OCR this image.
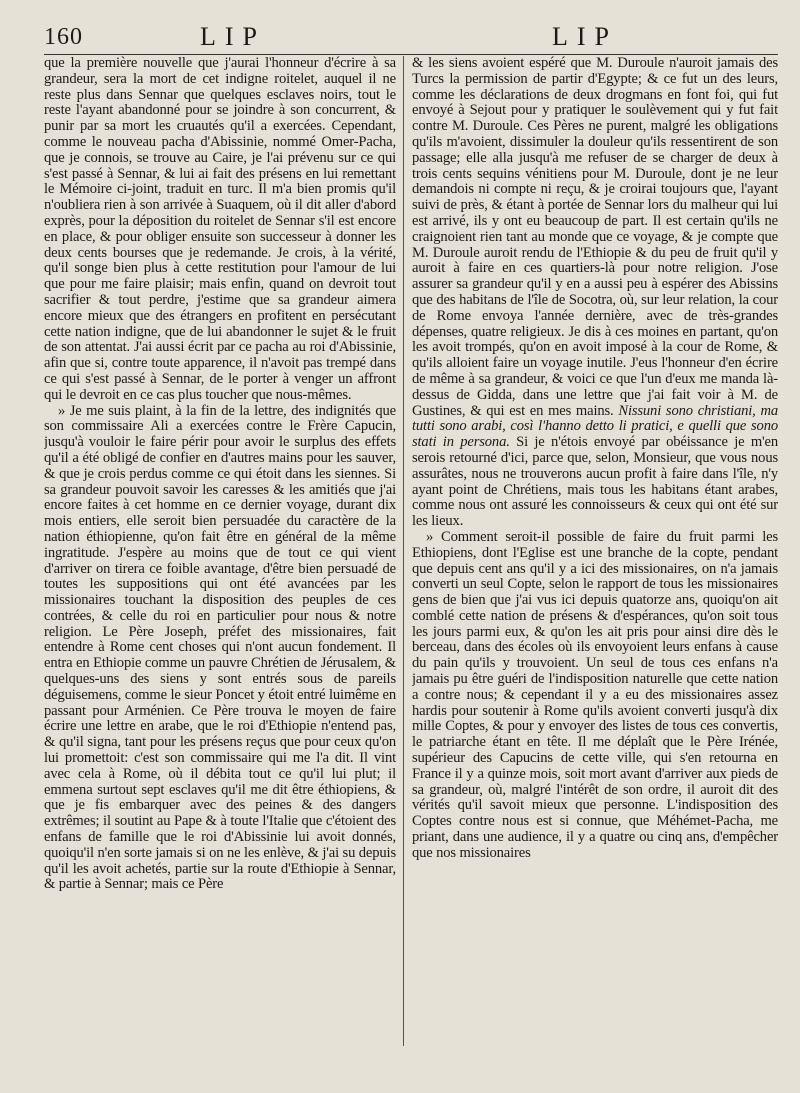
160	LIP	LIP

que la première nouvelle que j'aurai l'honneur d'écrire à sa grandeur, sera la mort de cet indigne roitelet, auquel il ne reste plus dans Sennar que quelques esclaves noirs, tout le reste l'ayant abandonné pour se joindre à son concurrent, & punir par sa mort les cruautés qu'il a exercées. Cependant, comme le nouveau pacha d'Abissinie, nommé Omer-Pacha, que je connois, se trouve au Caire, je l'ai prévenu sur ce qui s'est passé à Sennar, & lui ai fait des présens en lui remettant le Mémoire ci-joint, traduit en turc. Il m'a bien promis qu'il n'oubliera rien à son arrivée à Suaquem, où il dit aller d'abord exprès, pour la déposition du roitelet de Sennar s'il est encore en place, & pour obliger ensuite son successeur à donner les deux cents bourses que je redemande. Je crois, à la vérité, qu'il songe bien plus à cette restitution pour l'amour de lui que pour me faire plaisir; mais enfin, quand on devroit tout sacrifier & tout perdre, j'estime que sa grandeur aimera encore mieux que des étrangers en profitent en persécutant cette nation indigne, que de lui abandonner le sujet & le fruit de son attentat. J'ai aussi écrit par ce pacha au roi d'Abissinie, afin que si, contre toute apparence, il n'avoit pas trempé dans ce qui s'est passé à Sennar, de le porter à venger un affront qui le devroit en ce cas plus toucher que nous-mêmes.

» Je me suis plaint, à la fin de la lettre, des indignités que son commissaire Ali a exercées contre le Frère Capucin, jusqu'à vouloir le faire périr pour avoir le surplus des effets qu'il a été obligé de confier en d'autres mains pour les sauver, & que je crois perdus comme ce qui étoit dans les siennes. Si sa grandeur pouvoit savoir les caresses & les amitiés que j'ai encore faites à cet homme en ce dernier voyage, durant dix mois entiers, elle seroit bien persuadée du caractère de la nation éthiopienne, qu'on fait être en général de la même ingratitude. J'espère au moins que de tout ce qui vient d'arriver on tirera ce foible avantage, d'être bien persuadé de toutes les suppositions qui ont été avancées par les missionaires touchant la disposition des peuples de ces contrées, & celle du roi en particulier pour nous & notre religion. Le Père Joseph, préfet des missionaires, fait entendre à Rome cent choses qui n'ont aucun fondement. Il entra en Ethiopie comme un pauvre Chrétien de Jérusalem, & quelques-uns des siens y sont entrés sous de pareils déguisemens, comme le sieur Poncet y étoit entré luimême en passant pour Arménien. Ce Père trouva le moyen de faire écrire une lettre en arabe, que le roi d'Ethiopie n'entend pas, & qu'il signa, tant pour les présens reçus que pour ceux qu'on lui promettoit: c'est son commissaire qui me l'a dit. Il vint avec cela à Rome, où il débita tout ce qu'il lui plut; il emmena surtout sept esclaves qu'il me dit être éthiopiens, & que je fis embarquer avec des peines & des dangers extrêmes; il soutint au Pape & à toute l'Italie que c'étoient des enfans de famille que le roi d'Abissinie lui avoit donnés, quoiqu'il n'en sorte jamais si on ne les enlève, & j'ai su depuis qu'il les avoit achetés, partie sur la route d'Ethiopie à Sennar, & partie à Sennar; mais ce Père

& les siens avoient espéré que M. Duroule n'auroit jamais des Turcs la permission de partir d'Egypte; & ce fut un des leurs, comme les déclarations de deux drogmans en font foi, qui fut envoyé à Sejout pour y pratiquer le soulèvement qui y fut fait contre M. Duroule. Ces Pères ne purent, malgré les obligations qu'ils m'avoient, dissimuler la douleur qu'ils ressentirent de son passage; elle alla jusqu'à me refuser de se charger de deux à trois cents sequins vénitiens pour M. Duroule, dont je ne leur demandois ni compte ni reçu, & je croirai toujours que, l'ayant suivi de près, & étant à portée de Sennar lors du malheur qui lui est arrivé, ils y ont eu beaucoup de part. Il est certain qu'ils ne craignoient rien tant au monde que ce voyage, & je compte que M. Duroule auroit rendu de l'Ethiopie & du peu de fruit qu'il y auroit à faire en ces quartiers-là pour notre religion. J'ose assurer sa grandeur qu'il y en a aussi peu à espérer des Abissins que des habitans de l'île de Socotra, où, sur leur relation, la cour de Rome envoya l'année dernière, avec de très-grandes dépenses, quatre religieux. Je dis à ces moines en partant, qu'on les avoit trompés, qu'on en avoit imposé à la cour de Rome, & qu'ils alloient faire un voyage inutile. J'eus l'honneur d'en écrire de même à sa grandeur, & voici ce que l'un d'eux me manda là-dessus de Gidda, dans une lettre que j'ai fait voir à M. de Gustines, & qui est en mes mains. Nissuni sono christiani, ma tutti sono arabi, così l'hanno detto li pratici, e quelli que sono stati in persona. Si je n'étois envoyé par obéissance je m'en serois retourné d'ici, parce que, selon, Monsieur, que vous nous assurâtes, nous ne trouverons aucun profit à faire dans l'île, n'y ayant point de Chrétiens, mais tous les habitans étant arabes, comme nous ont assuré les connoisseurs & ceux qui ont été sur les lieux.

» Comment seroit-il possible de faire du fruit parmi les Ethiopiens, dont l'Eglise est une branche de la copte, pendant que depuis cent ans qu'il y a ici des missionaires, on n'a jamais converti un seul Copte, selon le rapport de tous les missionaires gens de bien que j'ai vus ici depuis quatorze ans, quoiqu'on ait comblé cette nation de présens & d'espérances, qu'on soit tous les jours parmi eux, & qu'on les ait pris pour ainsi dire dès le berceau, dans des écoles où ils envoyoient leurs enfans à cause du pain qu'ils y trouvoient. Un seul de tous ces enfans n'a jamais pu être guéri de l'indisposition naturelle que cette nation a contre nous; & cependant il y a eu des missionaires assez hardis pour soutenir à Rome qu'ils avoient converti jusqu'à dix mille Coptes, & pour y envoyer des listes de tous ces convertis, le patriarche étant en tête. Il me déplaît que le Père Irénée, supérieur des Capucins de cette ville, qui s'en retourna en France il y a quinze mois, soit mort avant d'arriver aux pieds de sa grandeur, où, malgré l'intérêt de son ordre, il auroit dit des vérités qu'il savoit mieux que personne. L'indisposition des Coptes contre nous est si connue, que Méhémet-Pacha, me priant, dans une audience, il y a quatre ou cinq ans, d'empêcher que nos missionaires
